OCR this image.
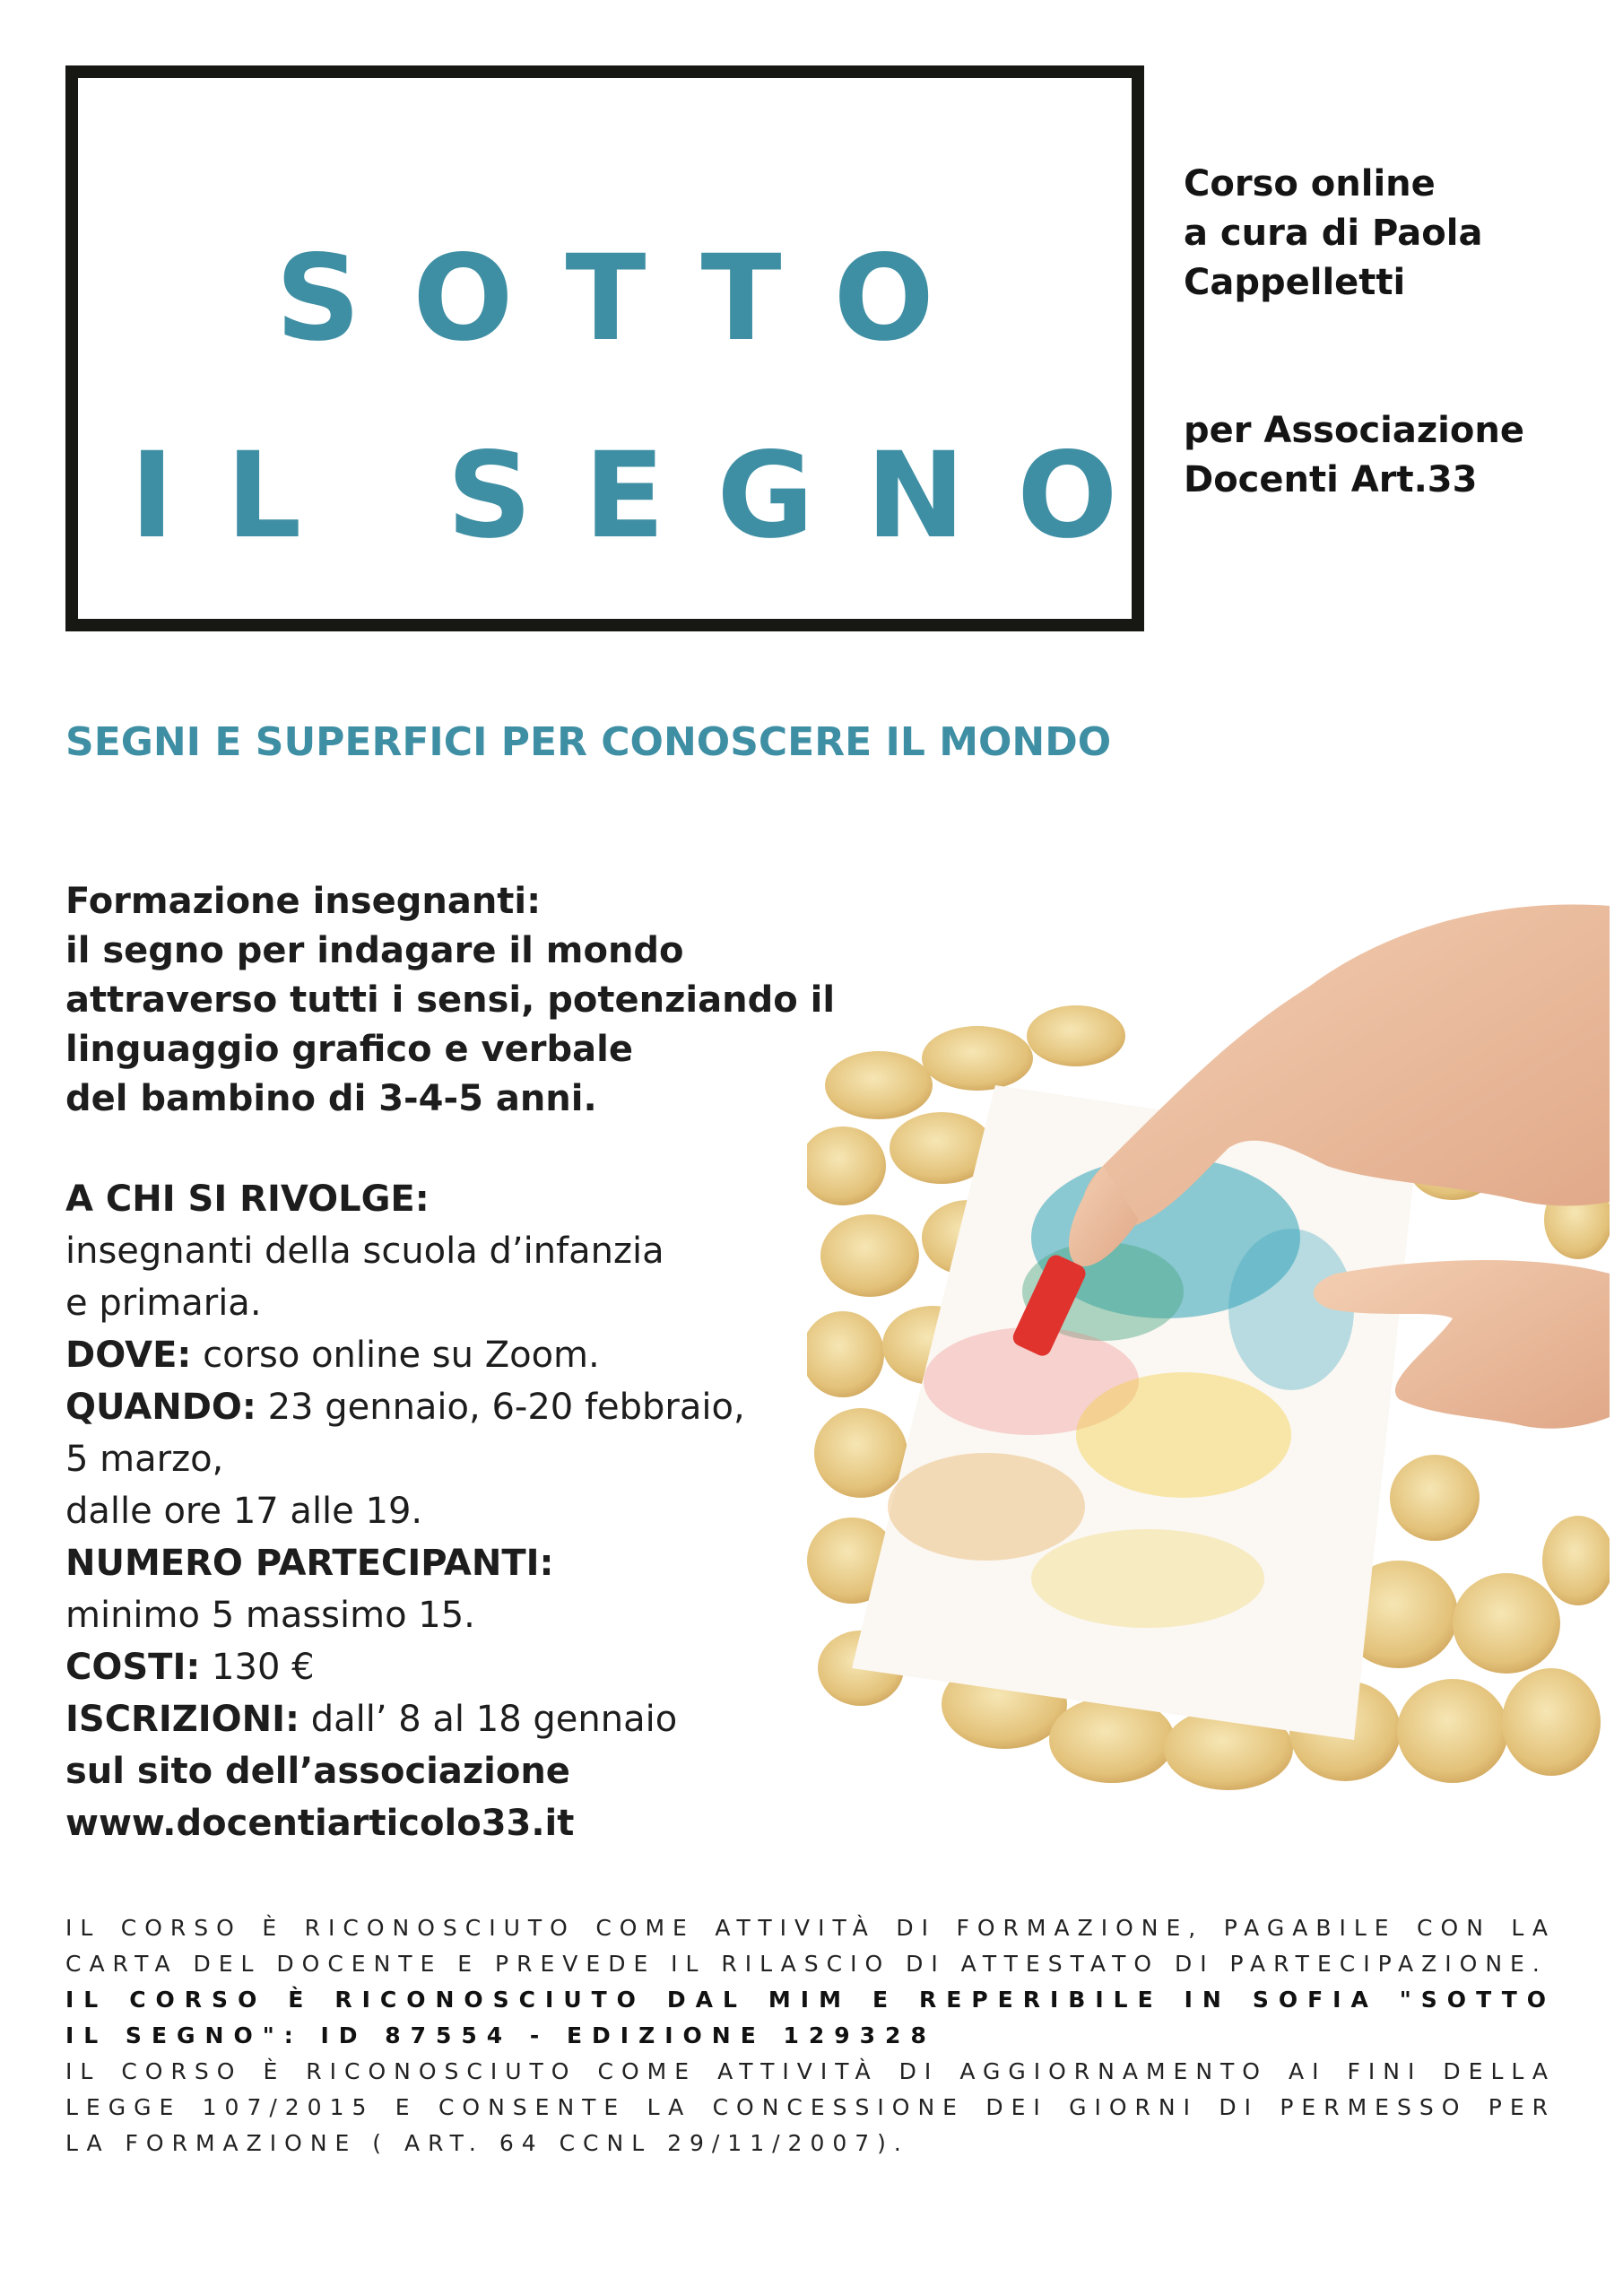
SOTTO
IL SEGNO

Corso online

a cura di Paola

Cappelletti

per Associazione

Docenti Art.33

SEGNI E SUPERFICI PER CONOSCERE IL MONDO

Formazione insegnanti:

il segno per indagare il mondo

attraverso tutti i sensi, potenziando il

linguaggio grafico e verbale

del bambino di 3-4-5 anni.

A CHI SI RIVOLGE:

insegnanti della scuola d’infanzia

e primaria.

DOVE: corso online su Zoom.

QUANDO: 23 gennaio, 6-20 febbraio,

5 marzo,

dalle ore 17 alle 19.

NUMERO PARTECIPANTI:

minimo 5 massimo 15.

COSTI: 130 €

ISCRIZIONI: dall’ 8 al 18 gennaio

sul sito dell’associazione

www.docentiarticolo33.it

IL CORSO È RICONOSCIUTO COME ATTIVITÀ DI FORMAZIONE, PAGABILE CON LA CARTA DEL DOCENTE E PREVEDE IL RILASCIO DI ATTESTATO DI PARTECIPAZIONE.

IL CORSO È RICONOSCIUTO DAL MIM E REPERIBILE IN SOFIA "SOTTO IL SEGNO": ID 87554 - EDIZIONE 129328

IL CORSO È RICONOSCIUTO COME ATTIVITÀ DI AGGIORNAMENTO AI FINI DELLA LEGGE 107/2015 E CONSENTE LA CONCESSIONE DEI GIORNI DI PERMESSO PER LA FORMAZIONE ( ART. 64 CCNL 29/11/2007).
